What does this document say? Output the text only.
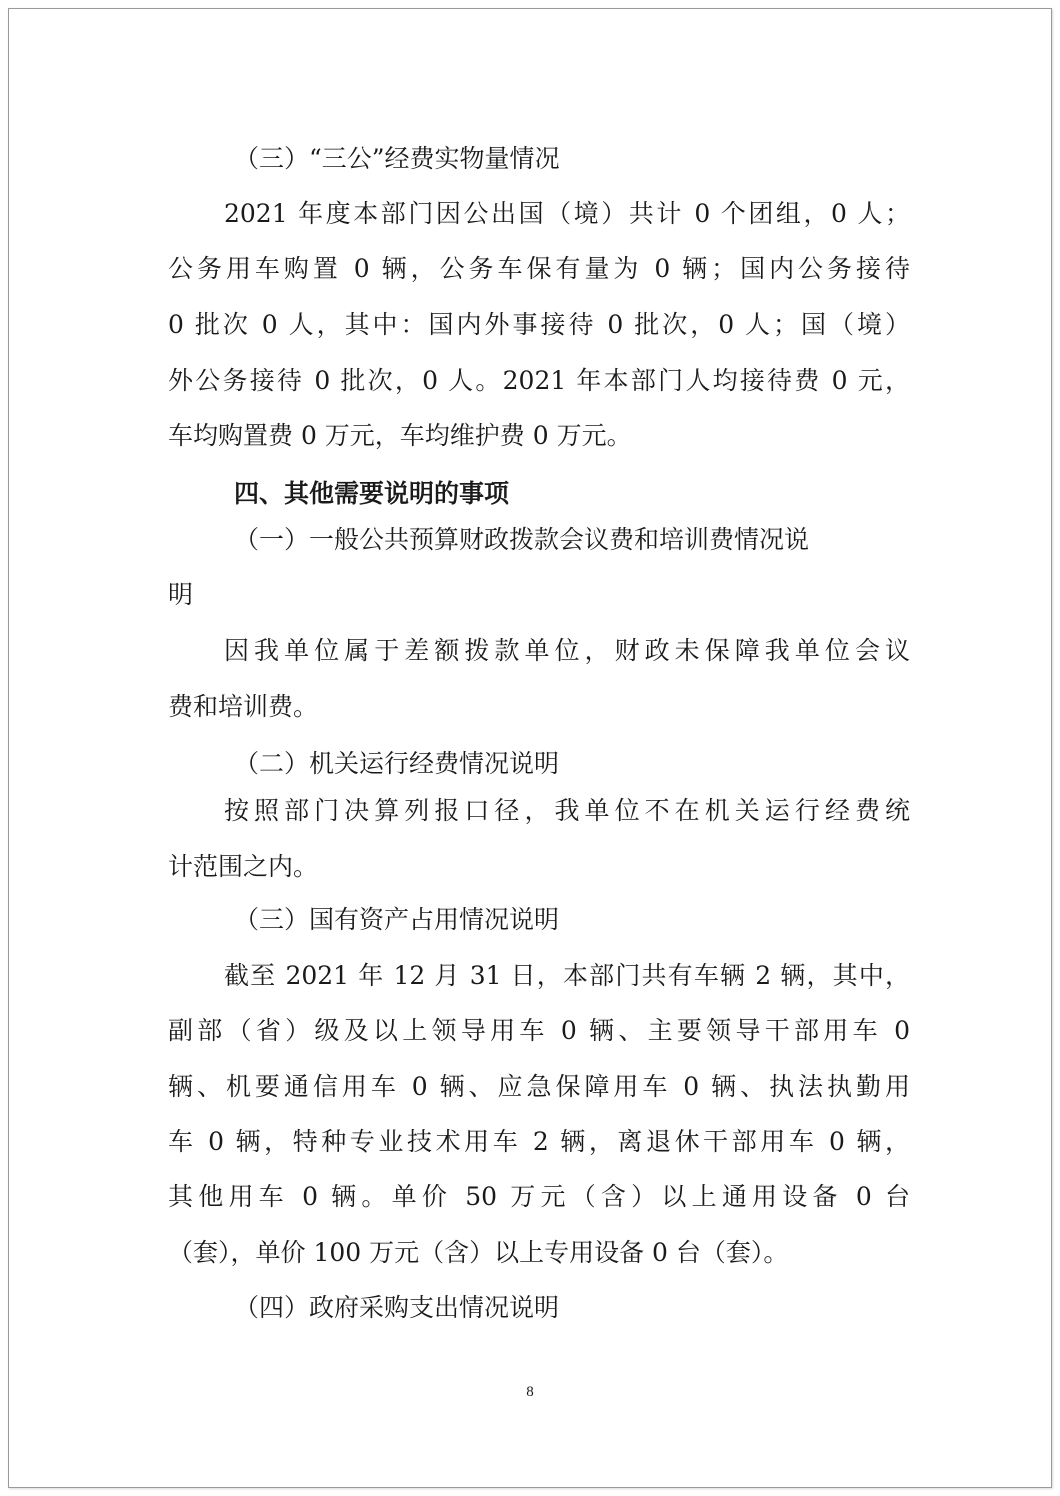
（三）“三公”经费实物量情况
2021 年度本部门因公出国（境）共计 0 个团组，0 人；
公务用车购置 0 辆，公务车保有量为 0 辆；国内公务接待
0 批次 0 人，其中：国内外事接待 0 批次，0 人；国（境）
外公务接待 0 批次，0 人。2021 年本部门人均接待费 0 元，
车均购置费 0 万元，车均维护费 0 万元。
四、其他需要说明的事项
（一）一般公共预算财政拨款会议费和培训费情况说
明
因我单位属于差额拨款单位，财政未保障我单位会议
费和培训费。
（二）机关运行经费情况说明
按照部门决算列报口径，我单位不在机关运行经费统
计范围之内。
（三）国有资产占用情况说明
截至 2021 年 12 月 31 日，本部门共有车辆 2 辆，其中，
副部（省）级及以上领导用车 0 辆、主要领导干部用车 0
辆、机要通信用车 0 辆、应急保障用车 0 辆、执法执勤用
车 0 辆，特种专业技术用车 2 辆，离退休干部用车 0 辆，
其他用车 0 辆。单价 50 万元（含）以上通用设备 0 台
（套），单价 100 万元（含）以上专用设备 0 台（套）。
（四）政府采购支出情况说明
8
